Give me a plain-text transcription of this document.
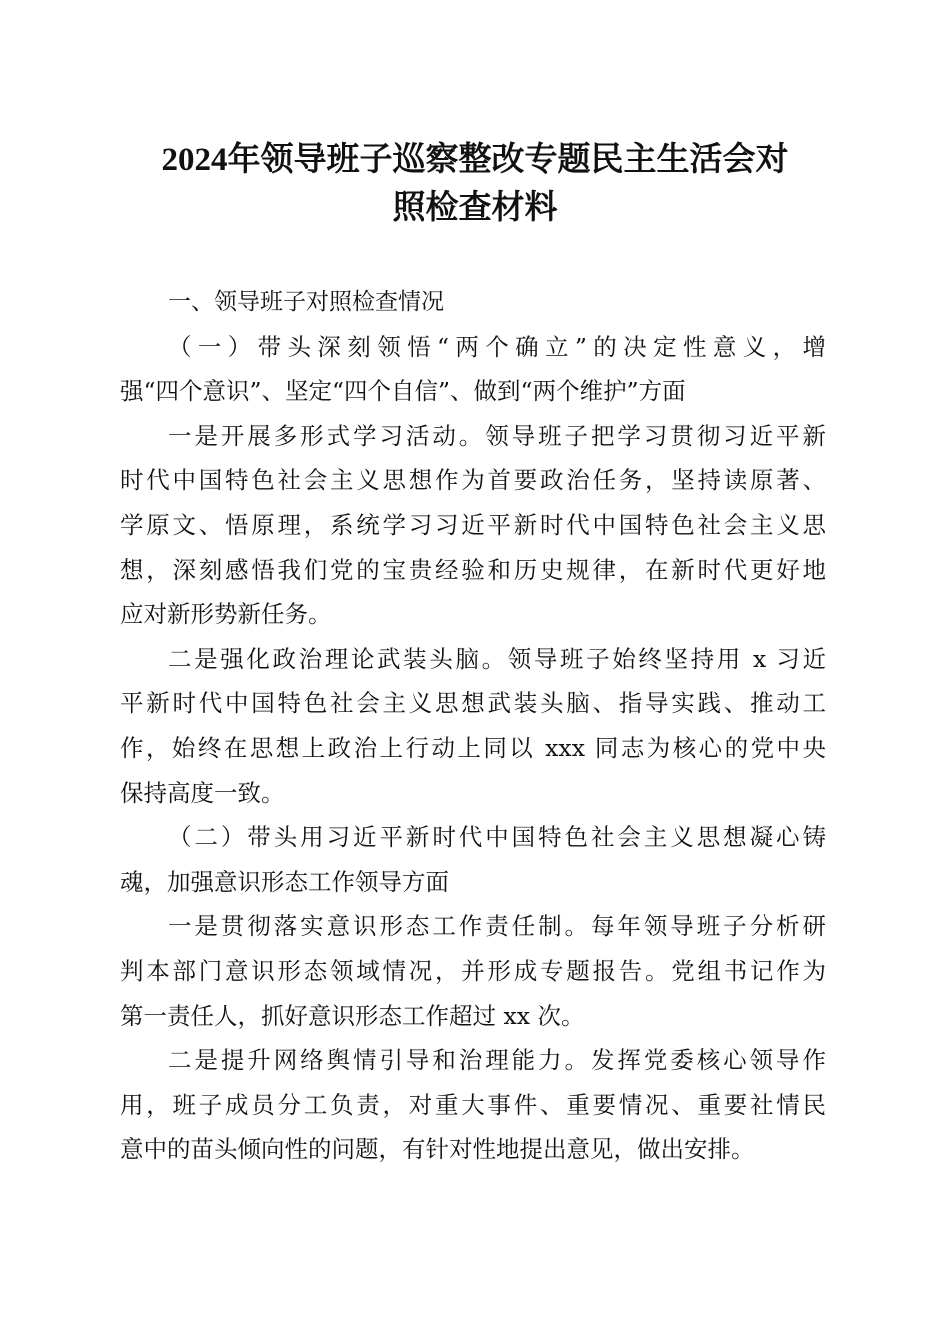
2024年领导班子巡察整改专题民主生活会对
照检查材料
一、领导班子对照检查情况
（一）带头深刻领悟“两个确立”的决定性意义，增
强“四个意识”、坚定“四个自信”、做到“两个维护”方面
一是开展多形式学习活动。领导班子把学习贯彻习近平新
时代中国特色社会主义思想作为首要政治任务，坚持读原著、
学原文、悟原理，系统学习习近平新时代中国特色社会主义思
想，深刻感悟我们党的宝贵经验和历史规律，在新时代更好地
应对新形势新任务。
二是强化政治理论武装头脑。领导班子始终坚持用 x 习近
平新时代中国特色社会主义思想武装头脑、指导实践、推动工
作，始终在思想上政治上行动上同以 xxx 同志为核心的党中央
保持高度一致。
（二）带头用习近平新时代中国特色社会主义思想凝心铸
魂，加强意识形态工作领导方面
一是贯彻落实意识形态工作责任制。每年领导班子分析研
判本部门意识形态领域情况，并形成专题报告。党组书记作为
第一责任人，抓好意识形态工作超过 xx 次。
二是提升网络舆情引导和治理能力。发挥党委核心领导作
用，班子成员分工负责，对重大事件、重要情况、重要社情民
意中的苗头倾向性的问题，有针对性地提出意见，做出安排。
